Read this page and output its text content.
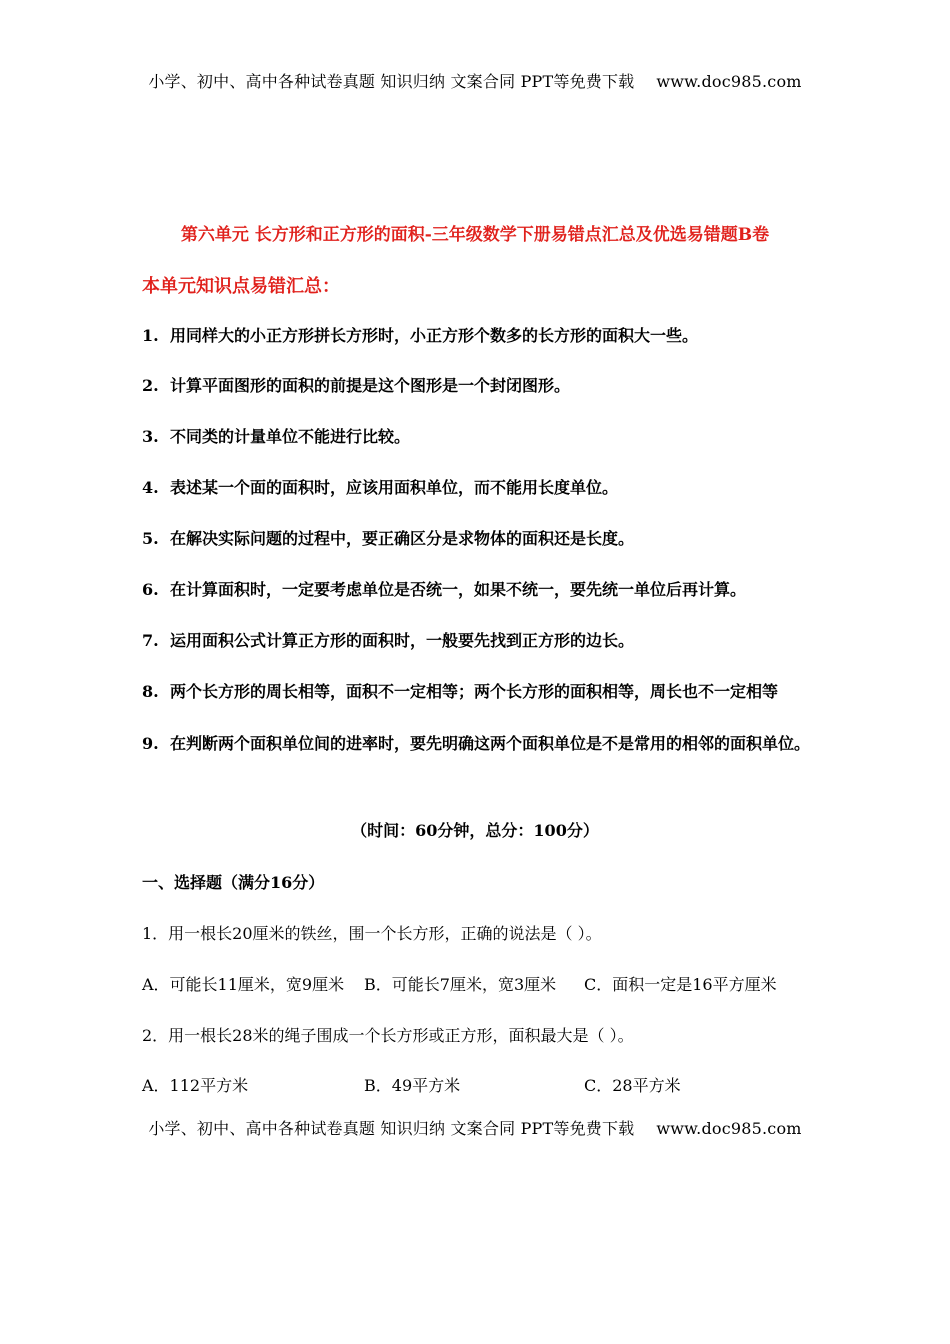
小学、初中、高中各种试卷真题 知识归纳 文案合同 PPT等免费下载 www.doc985.com
第六单元 长方形和正方形的面积-三年级数学下册易错点汇总及优选易错题B卷
本单元知识点易错汇总：
1. 用同样大的小正方形拼长方形时，小正方形个数多的长方形的面积大一些。
2. 计算平面图形的面积的前提是这个图形是一个封闭图形。
3. 不同类的计量单位不能进行比较。
4. 表述某一个面的面积时，应该用面积单位，而不能用长度单位。
5. 在解决实际问题的过程中，要正确区分是求物体的面积还是长度。
6. 在计算面积时，一定要考虑单位是否统一，如果不统一，要先统一单位后再计算。
7. 运用面积公式计算正方形的面积时，一般要先找到正方形的边长。
8. 两个长方形的周长相等，面积不一定相等；两个长方形的面积相等，周长也不一定相等
9. 在判断两个面积单位间的进率时，要先明确这两个面积单位是不是常用的相邻的面积单位。
（时间：60分钟，总分：100分）
一、选择题（满分16分）
1．用一根长20厘米的铁丝，围一个长方形，正确的说法是（ ）。
A．可能长11厘米，宽9厘米 B．可能长7厘米，宽3厘米 C．面积一定是16平方厘米
2．用一根长28米的绳子围成一个长方形或正方形，面积最大是（ ）。
A．112平方米	B．49平方米	C．28平方米
小学、初中、高中各种试卷真题 知识归纳 文案合同 PPT等免费下载 www.doc985.com
